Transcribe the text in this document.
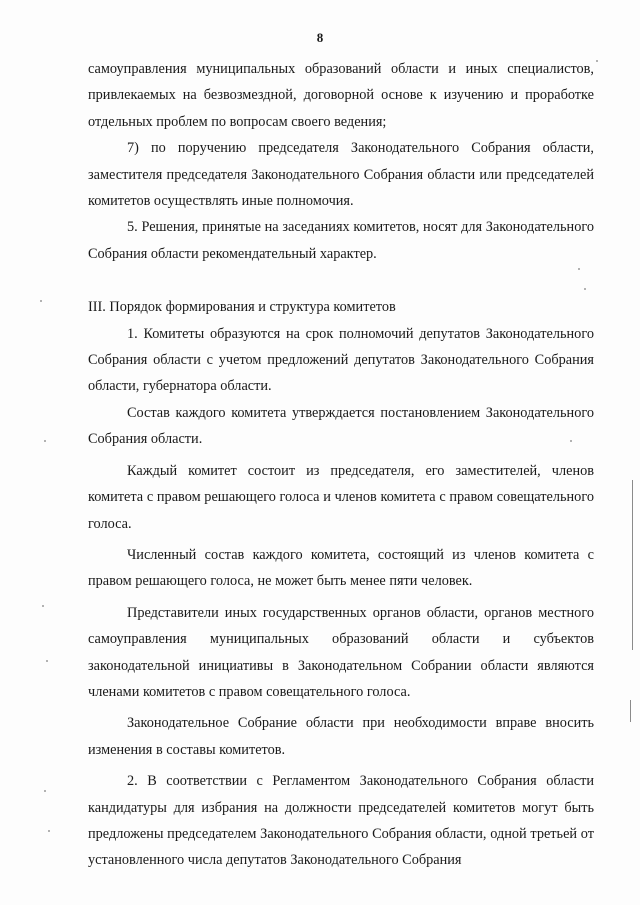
8

самоуправления муниципальных образований области и иных специалистов, привлекаемых на безвозмездной, договорной основе к изучению и проработке отдельных проблем по вопросам своего ведения;

7) по поручению председателя Законодательного Собрания области, заместителя председателя Законодательного Собрания области или председателей комитетов осуществлять иные полномочия.

5. Решения, принятые на заседаниях комитетов, носят для Законодательного Собрания области рекомендательный характер.

III. Порядок формирования и структура комитетов

1. Комитеты образуются на срок полномочий депутатов Законодательного Собрания области с учетом предложений депутатов Законодательного Собрания области, губернатора области.

Состав каждого комитета утверждается постановлением Законодательного Собрания области.

Каждый комитет состоит из председателя, его заместителей, членов комитета с правом решающего голоса и членов комитета с правом совещательного голоса.

Численный состав каждого комитета, состоящий из членов комитета с правом решающего голоса, не может быть менее пяти человек.

Представители иных государственных органов области, органов местного самоуправления муниципальных образований области и субъектов законодательной инициативы в Законодательном Собрании области являются членами комитетов с правом совещательного голоса.

Законодательное Собрание области при необходимости вправе вносить изменения в составы комитетов.

2. В соответствии с Регламентом Законодательного Собрания области кандидатуры для избрания на должности председателей комитетов могут быть предложены председателем Законодательного Собрания области, одной третьей от установленного числа депутатов Законодательного Собрания
